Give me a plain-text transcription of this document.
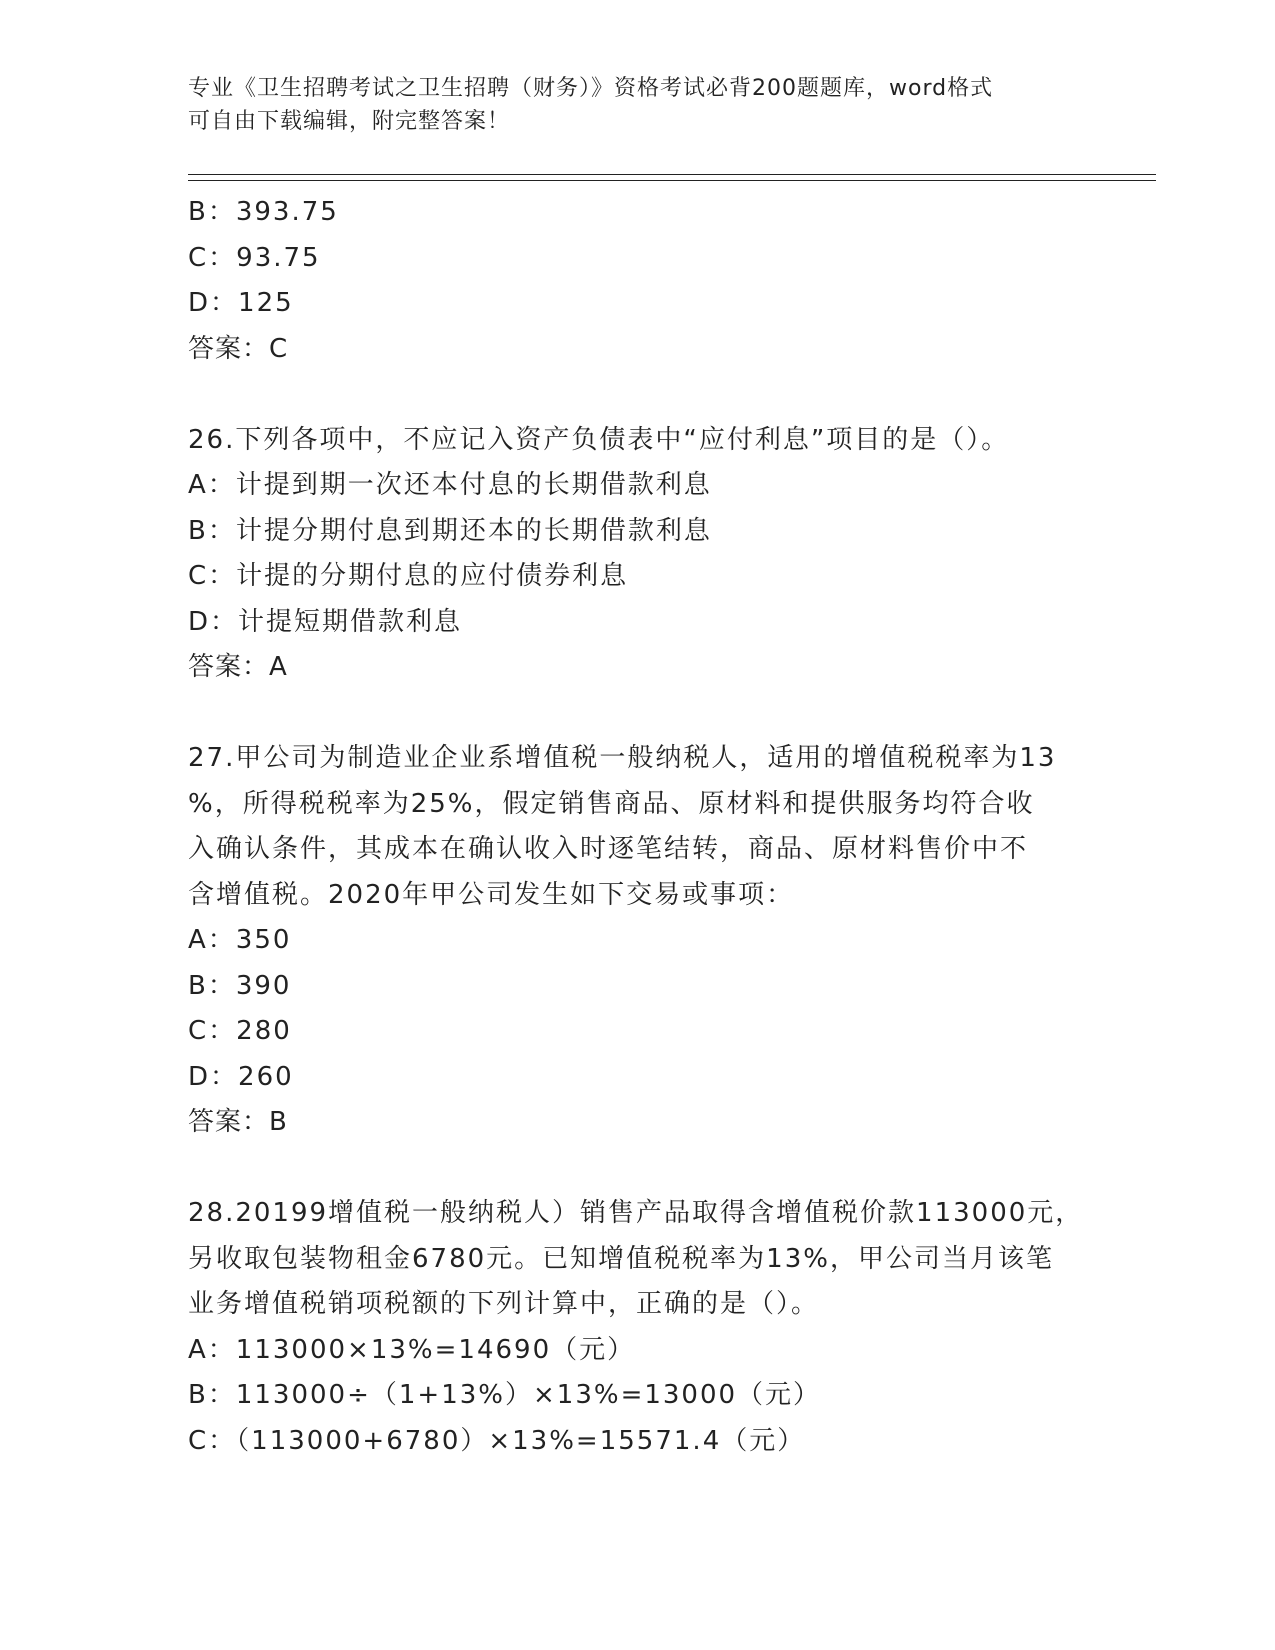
专业《卫生招聘考试之卫生招聘（财务）》资格考试必背200题题库，word格式
可自由下载编辑，附完整答案！
B：393.75
C：93.75
D：125
答案：C
26.下列各项中，不应记入资产负债表中“应付利息”项目的是（）。
A：计提到期一次还本付息的长期借款利息
B：计提分期付息到期还本的长期借款利息
C：计提的分期付息的应付债券利息
D：计提短期借款利息
答案：A
27.甲公司为制造业企业系增值税一般纳税人，适用的增值税税率为13
%，所得税税率为25%，假定销售商品、原材料和提供服务均符合收
入确认条件，其成本在确认收入时逐笔结转，商品、原材料售价中不
含增值税。2020年甲公司发生如下交易或事项：
A：350
B：390
C：280
D：260
答案：B
28.20199增值税一般纳税人）销售产品取得含增值税价款113000元，
另收取包装物租金6780元。已知增值税税率为13%，甲公司当月该笔
业务增值税销项税额的下列计算中，正确的是（）。
A：113000×13%=14690（元）
B：113000÷（1+13%）×13%=13000（元）
C：（113000+6780）×13%=15571.4（元）
